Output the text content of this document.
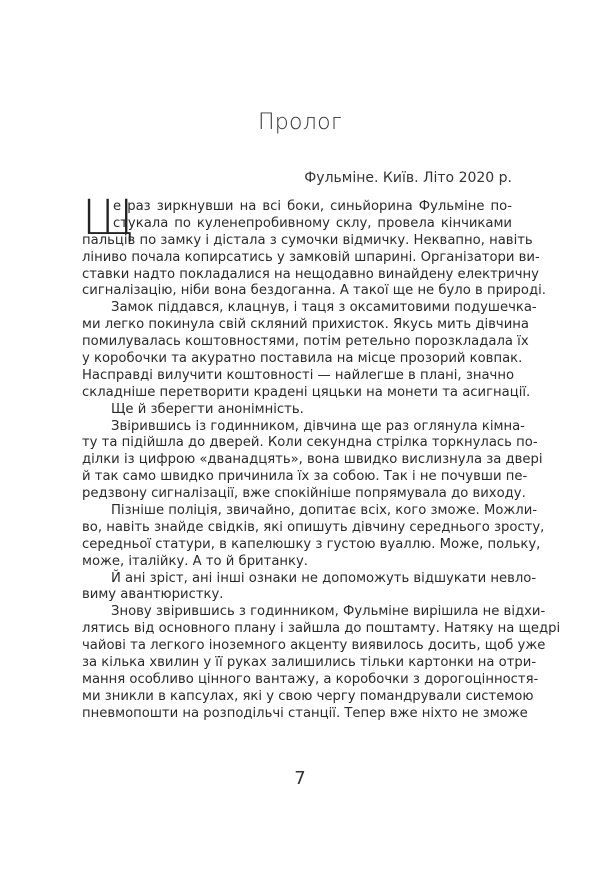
Пролог
Фульміне. Київ. Літо 2020 р.
Щ
е раз зиркнувши на всі боки, синьйорина Фульміне по-
стукала по куленепробивному склу, провела кінчиками
пальців по замку і дістала з сумочки відмичку. Неквапно, навіть
ліниво почала копирсатись у замковій шпарині. Організатори ви-
ставки надто покладалися на нещодавно винайдену електричну
сигналізацію, ніби вона бездоганна. А такої ще не було в природі.
Замок піддався, клацнув, і таця з оксамитовими подушечка-
ми легко покинула свій скляний прихисток. Якусь мить дівчина
помилувалась коштовностями, потім ретельно порозкладала їх
у коробочки та акуратно поставила на місце прозорий ковпак.
Насправді вилучити коштовності — найлегше в плані, значно
складніше перетворити крадені цяцьки на монети та асигнації.
Ще й зберегти анонімність.
Звірившись із годинником, дівчина ще раз оглянула кімна-
ту та підійшла до дверей. Коли секундна стрілка торкнулась по-
ділки із цифрою «дванадцять», вона швидко вислизнула за двері
й так само швидко причинила їх за собою. Так і не почувши пе-
редзвону сигналізації, вже спокійніше попрямувала до виходу.
Пізніше поліція, звичайно, допитає всіх, кого зможе. Можли-
во, навіть знайде свідків, які опишуть дівчину середнього зросту,
середньої статури, в капелюшку з густою вуаллю. Може, польку,
може, італійку. А то й британку.
Й ані зріст, ані інші ознаки не допоможуть відшукати невло-
виму авантюристку.
Знову звірившись з годинником, Фульміне вирішила не відхи-
лятись від основного плану і зайшла до поштамту. Натяку на щедрі
чайові та легкого іноземного акценту виявилось досить, щоб уже
за кілька хвилин у її руках залишились тільки картонки на отри-
мання особливо цінного вантажу, а коробочки з дорогоцінностя-
ми зникли в капсулах, які у свою чергу помандрували системою
пневмопошти на розподільчі станції. Тепер вже ніхто не зможе
7
